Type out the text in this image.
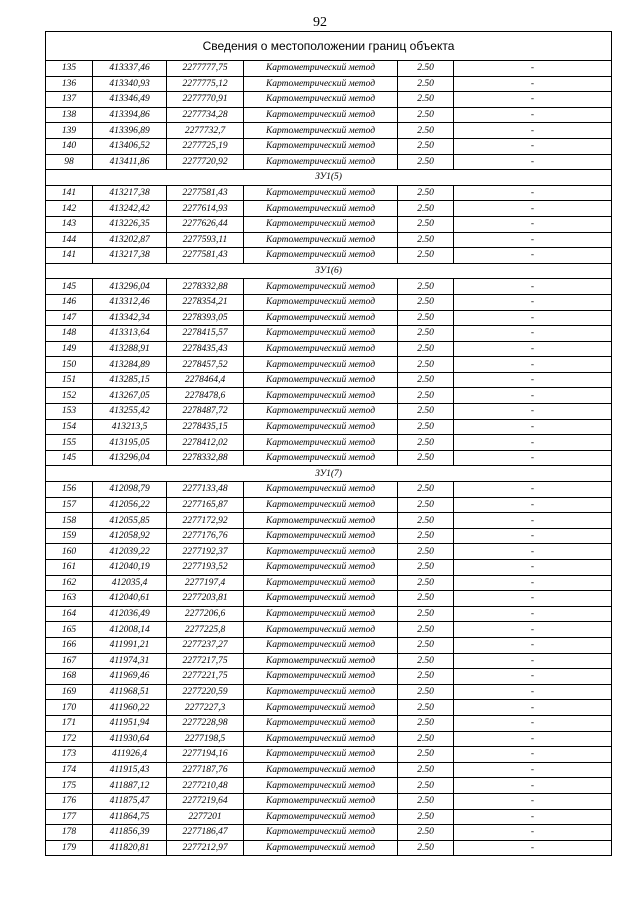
92
Сведения о местоположении границ объекта					
135	413337,46	2277777,75	Картометрический метод	2.50	-
136	413340,93	2277775,12	Картометрический метод	2.50	-
137	413346,49	2277770,91	Картометрический метод	2.50	-
138	413394,86	2277734,28	Картометрический метод	2.50	-
139	413396,89	2277732,7	Картометрический метод	2.50	-
140	413406,52	2277725,19	Картометрический метод	2.50	-
98	413411,86	2277720,92	Картометрический метод	2.50	-
ЗУ1(5)					
141	413217,38	2277581,43	Картометрический метод	2.50	-
142	413242,42	2277614,93	Картометрический метод	2.50	-
143	413226,35	2277626,44	Картометрический метод	2.50	-
144	413202,87	2277593,11	Картометрический метод	2.50	-
141	413217,38	2277581,43	Картометрический метод	2.50	-
ЗУ1(6)					
145	413296,04	2278332,88	Картометрический метод	2.50	-
146	413312,46	2278354,21	Картометрический метод	2.50	-
147	413342,34	2278393,05	Картометрический метод	2.50	-
148	413313,64	2278415,57	Картометрический метод	2.50	-
149	413288,91	2278435,43	Картометрический метод	2.50	-
150	413284,89	2278457,52	Картометрический метод	2.50	-
151	413285,15	2278464,4	Картометрический метод	2.50	-
152	413267,05	2278478,6	Картометрический метод	2.50	-
153	413255,42	2278487,72	Картометрический метод	2.50	-
154	413213,5	2278435,15	Картометрический метод	2.50	-
155	413195,05	2278412,02	Картометрический метод	2.50	-
145	413296,04	2278332,88	Картометрический метод	2.50	-
ЗУ1(7)					
156	412098,79	2277133,48	Картометрический метод	2.50	-
157	412056,22	2277165,87	Картометрический метод	2.50	-
158	412055,85	2277172,92	Картометрический метод	2.50	-
159	412058,92	2277176,76	Картометрический метод	2.50	-
160	412039,22	2277192,37	Картометрический метод	2.50	-
161	412040,19	2277193,52	Картометрический метод	2.50	-
162	412035,4	2277197,4	Картометрический метод	2.50	-
163	412040,61	2277203,81	Картометрический метод	2.50	-
164	412036,49	2277206,6	Картометрический метод	2.50	-
165	412008,14	2277225,8	Картометрический метод	2.50	-
166	411991,21	2277237,27	Картометрический метод	2.50	-
167	411974,31	2277217,75	Картометрический метод	2.50	-
168	411969,46	2277221,75	Картометрический метод	2.50	-
169	411968,51	2277220,59	Картометрический метод	2.50	-
170	411960,22	2277227,3	Картометрический метод	2.50	-
171	411951,94	2277228,98	Картометрический метод	2.50	-
172	411930,64	2277198,5	Картометрический метод	2.50	-
173	411926,4	2277194,16	Картометрический метод	2.50	-
174	411915,43	2277187,76	Картометрический метод	2.50	-
175	411887,12	2277210,48	Картометрический метод	2.50	-
176	411875,47	2277219,64	Картометрический метод	2.50	-
177	411864,75	2277201	Картометрический метод	2.50	-
178	411856,39	2277186,47	Картометрический метод	2.50	-
179	411820,81	2277212,97	Картометрический метод	2.50	-
